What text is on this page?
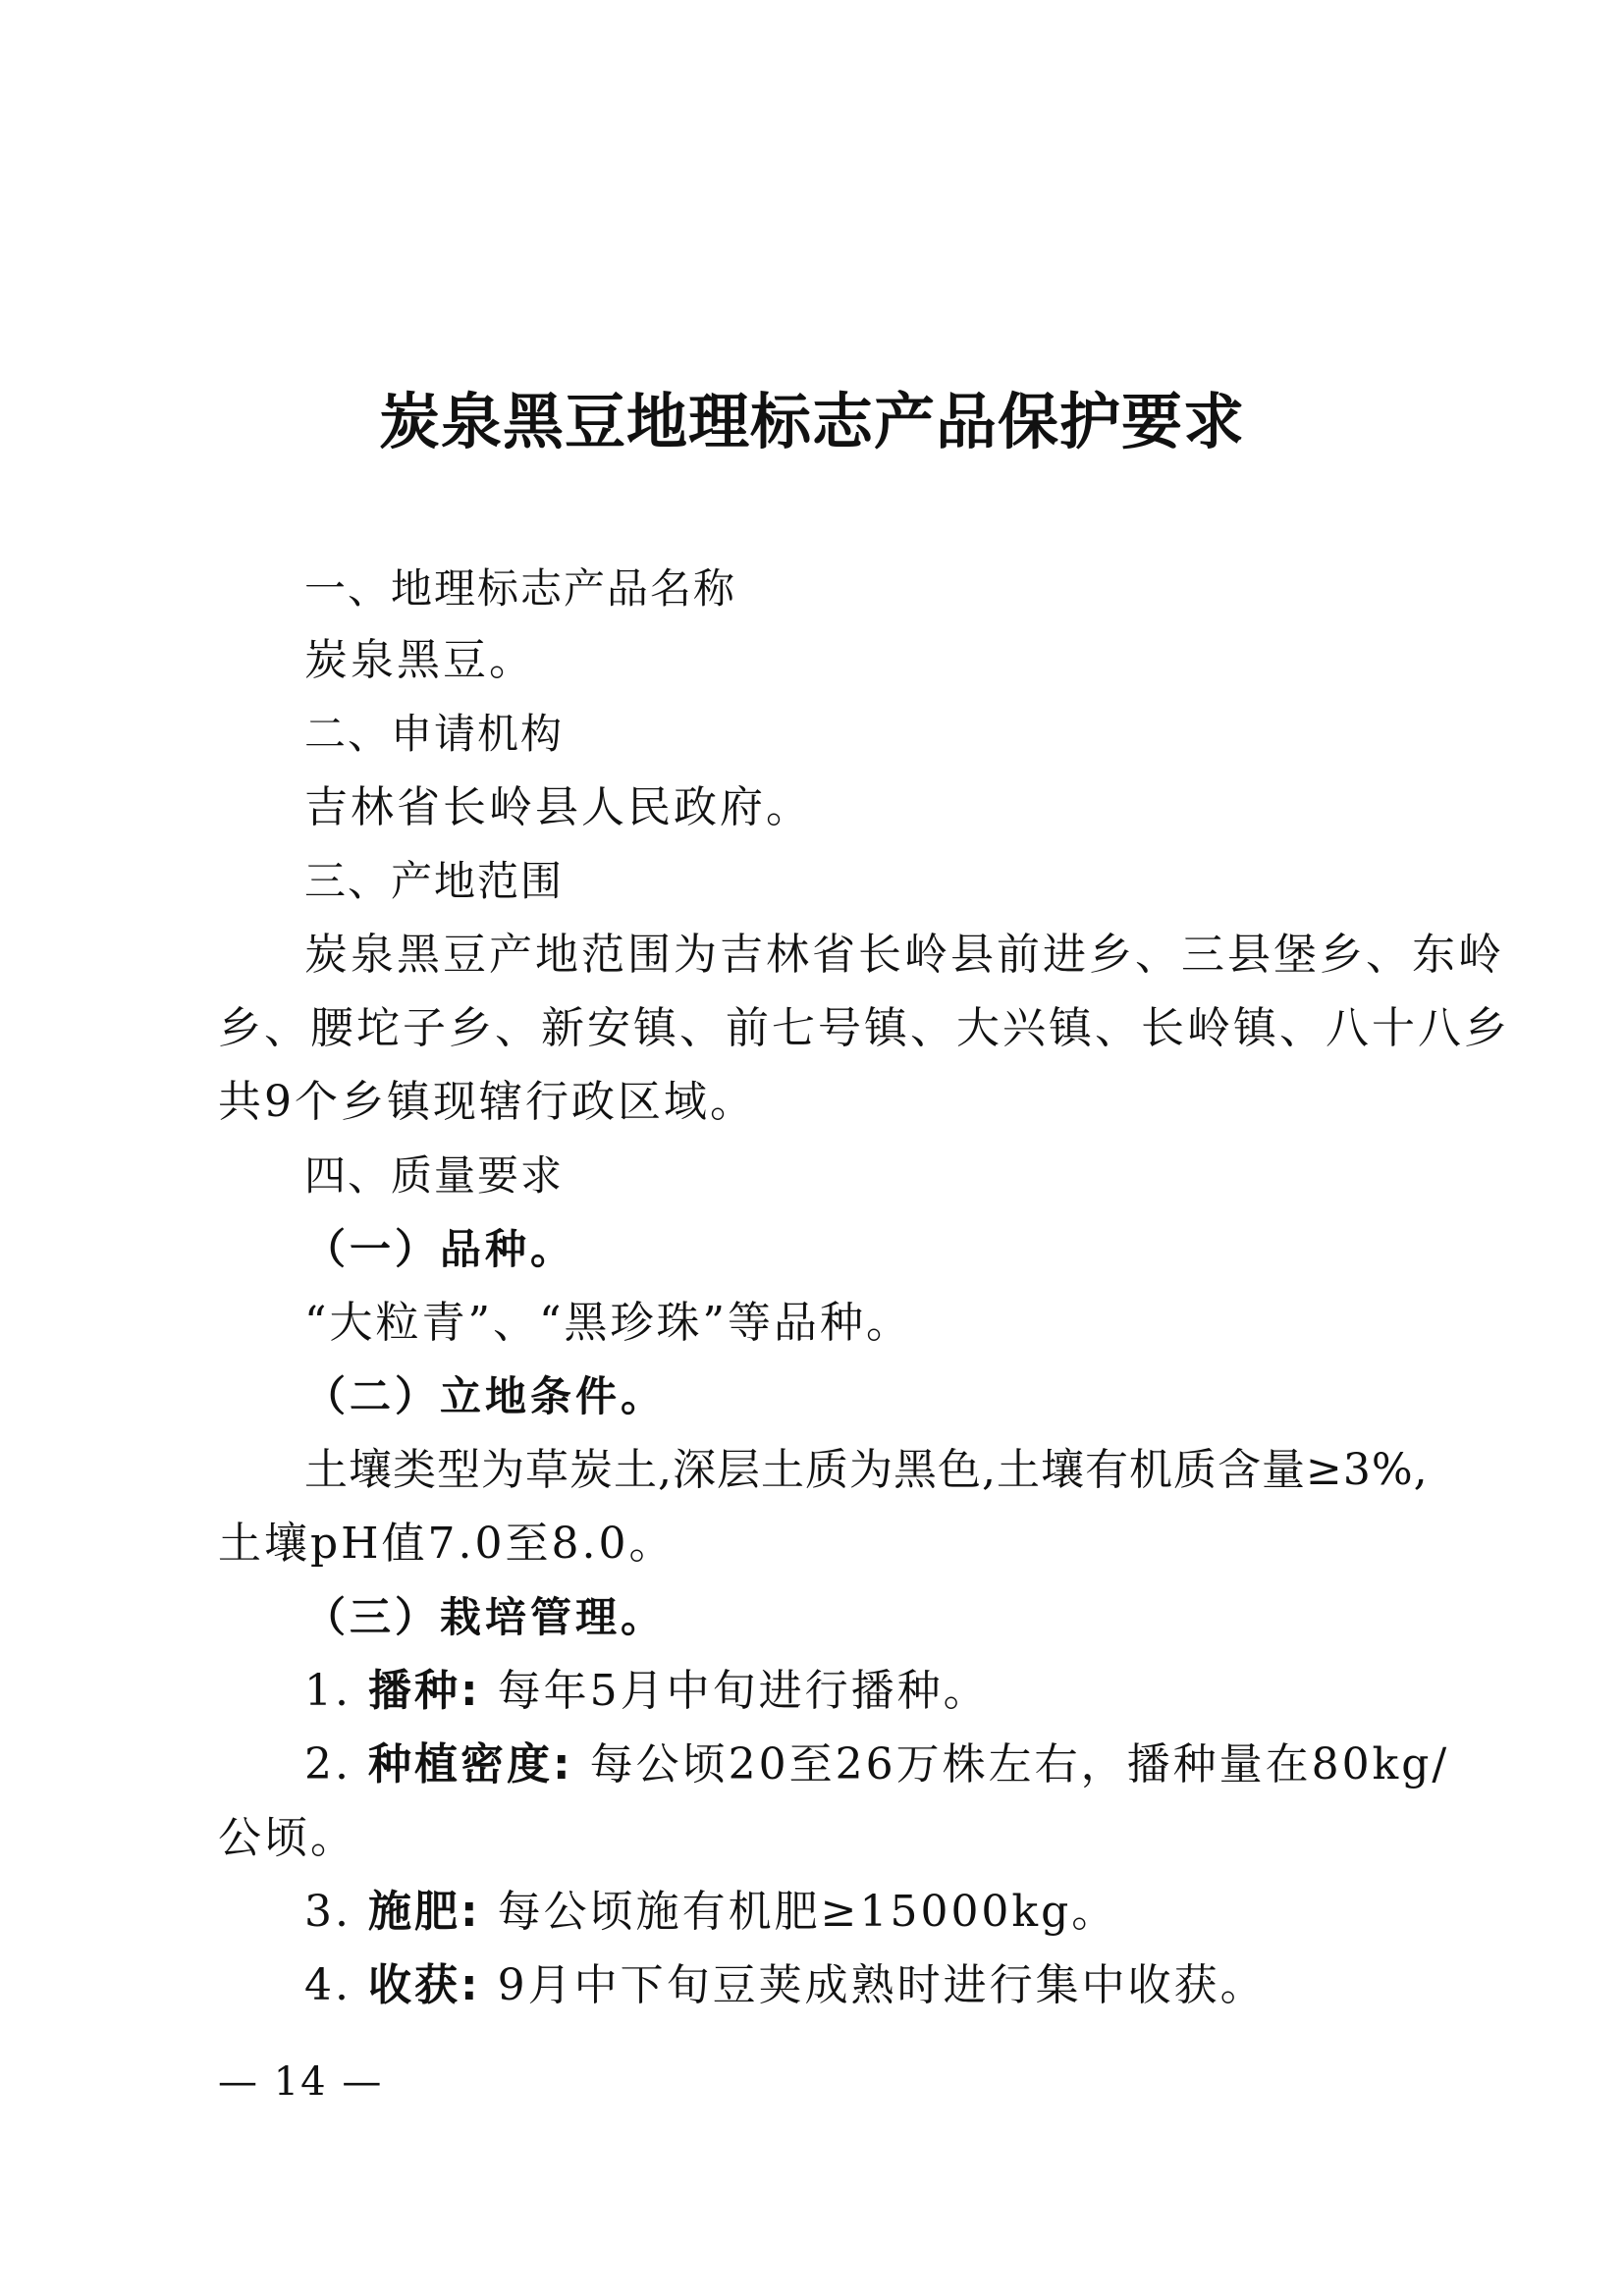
炭泉黑豆地理标志产品保护要求
一、地理标志产品名称
炭泉黑豆。
二、申请机构
吉林省长岭县人民政府。
三、产地范围
炭泉黑豆产地范围为吉林省长岭县前进乡、三县堡乡、东岭
乡、腰坨子乡、新安镇、前七号镇、大兴镇、长岭镇、八十八乡
共9个乡镇现辖行政区域。
四、质量要求
（一）品种。
“大粒青”、“黑珍珠”等品种。
（二）立地条件。
土壤类型为草炭土,深层土质为黑色,土壤有机质含量≥3%,
土壤pH值7.0至8.0。
（三）栽培管理。
1. 播种: 每年5月中旬进行播种。
2. 种植密度: 每公顷20至26万株左右，播种量在80kg/
公顷。
3. 施肥: 每公顷施有机肥≥15000kg。
4. 收获: 9月中下旬豆荚成熟时进行集中收获。
— 14 —
